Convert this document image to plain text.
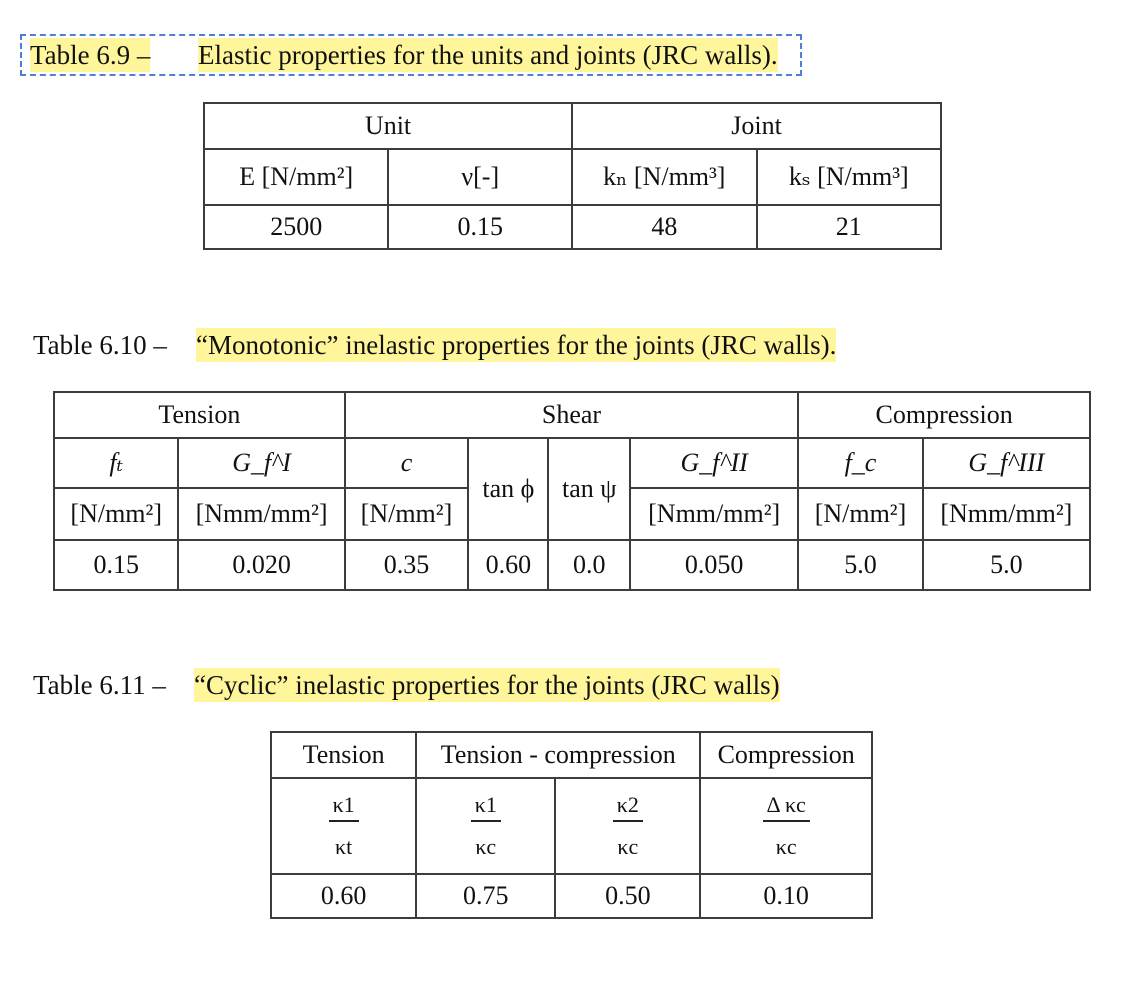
Table 6.9 – Elastic properties for the units and joints (JRC walls).
Unit		Joint	
E [N/mm²]	ν[-]	kₙ [N/mm³]	kₛ [N/mm³]
2500	0.15	48	21
Table 6.10 – “Monotonic” inelastic properties for the joints (JRC walls).
Tension		Shear				Compression	
fₜ	G_f^I	c	tan ϕ	tan ψ	G_f^II	f_c	G_f^III
[N/mm²]	[Nmm/mm²]	[N/mm²]			[Nmm/mm²]	[N/mm²]	[Nmm/mm²]
0.15	0.020	0.35	0.60	0.0	0.050	5.0	5.0
Table 6.11 – “Cyclic” inelastic properties for the joints (JRC walls)
Tension	Tension - compression		Compression

$\frac{\kappa 1}{\kappa t}$	$\frac{\kappa 1}{\kappa c}$	$\frac{\kappa 2}{\kappa c}$	$\frac{\text{Δ κc}}{\kappa c}$

0.60	0.75	0.50	0.10
